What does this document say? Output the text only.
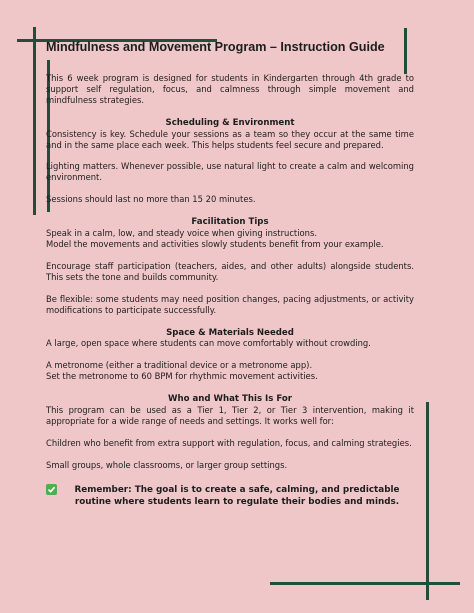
Mindfulness and Movement Program – Instruction Guide

This 6 week program is designed for students in Kindergarten through 4th grade to support self regulation, focus, and calmness through simple movement and mindfulness strategies.

Scheduling & Environment

Consistency is key. Schedule your sessions as a team so they occur at the same time and in the same place each week. This helps students feel secure and prepared.

Lighting matters. Whenever possible, use natural light to create a calm and welcoming environment.

Sessions should last no more than 15 20 minutes.

Facilitation Tips

Speak in a calm, low, and steady voice when giving instructions.
Model the movements and activities slowly students benefit from your example.

Encourage staff participation (teachers, aides, and other adults) alongside students. This sets the tone and builds community.

Be flexible: some students may need position changes, pacing adjustments, or activity modifications to participate successfully.

Space & Materials Needed

A large, open space where students can move comfortably without crowding.

A metronome (either a traditional device or a metronome app).
Set the metronome to 60 BPM for rhythmic movement activities.

Who and What This Is For

This program can be used as a Tier 1, Tier 2, or Tier 3 intervention, making it appropriate for a wide range of needs and settings. It works well for:

Children who benefit from extra support with regulation, focus, and calming strategies.

Small groups, whole classrooms, or larger group settings.

Remember: The goal is to create a safe, calming, and predictable routine where students learn to regulate their bodies and minds.
